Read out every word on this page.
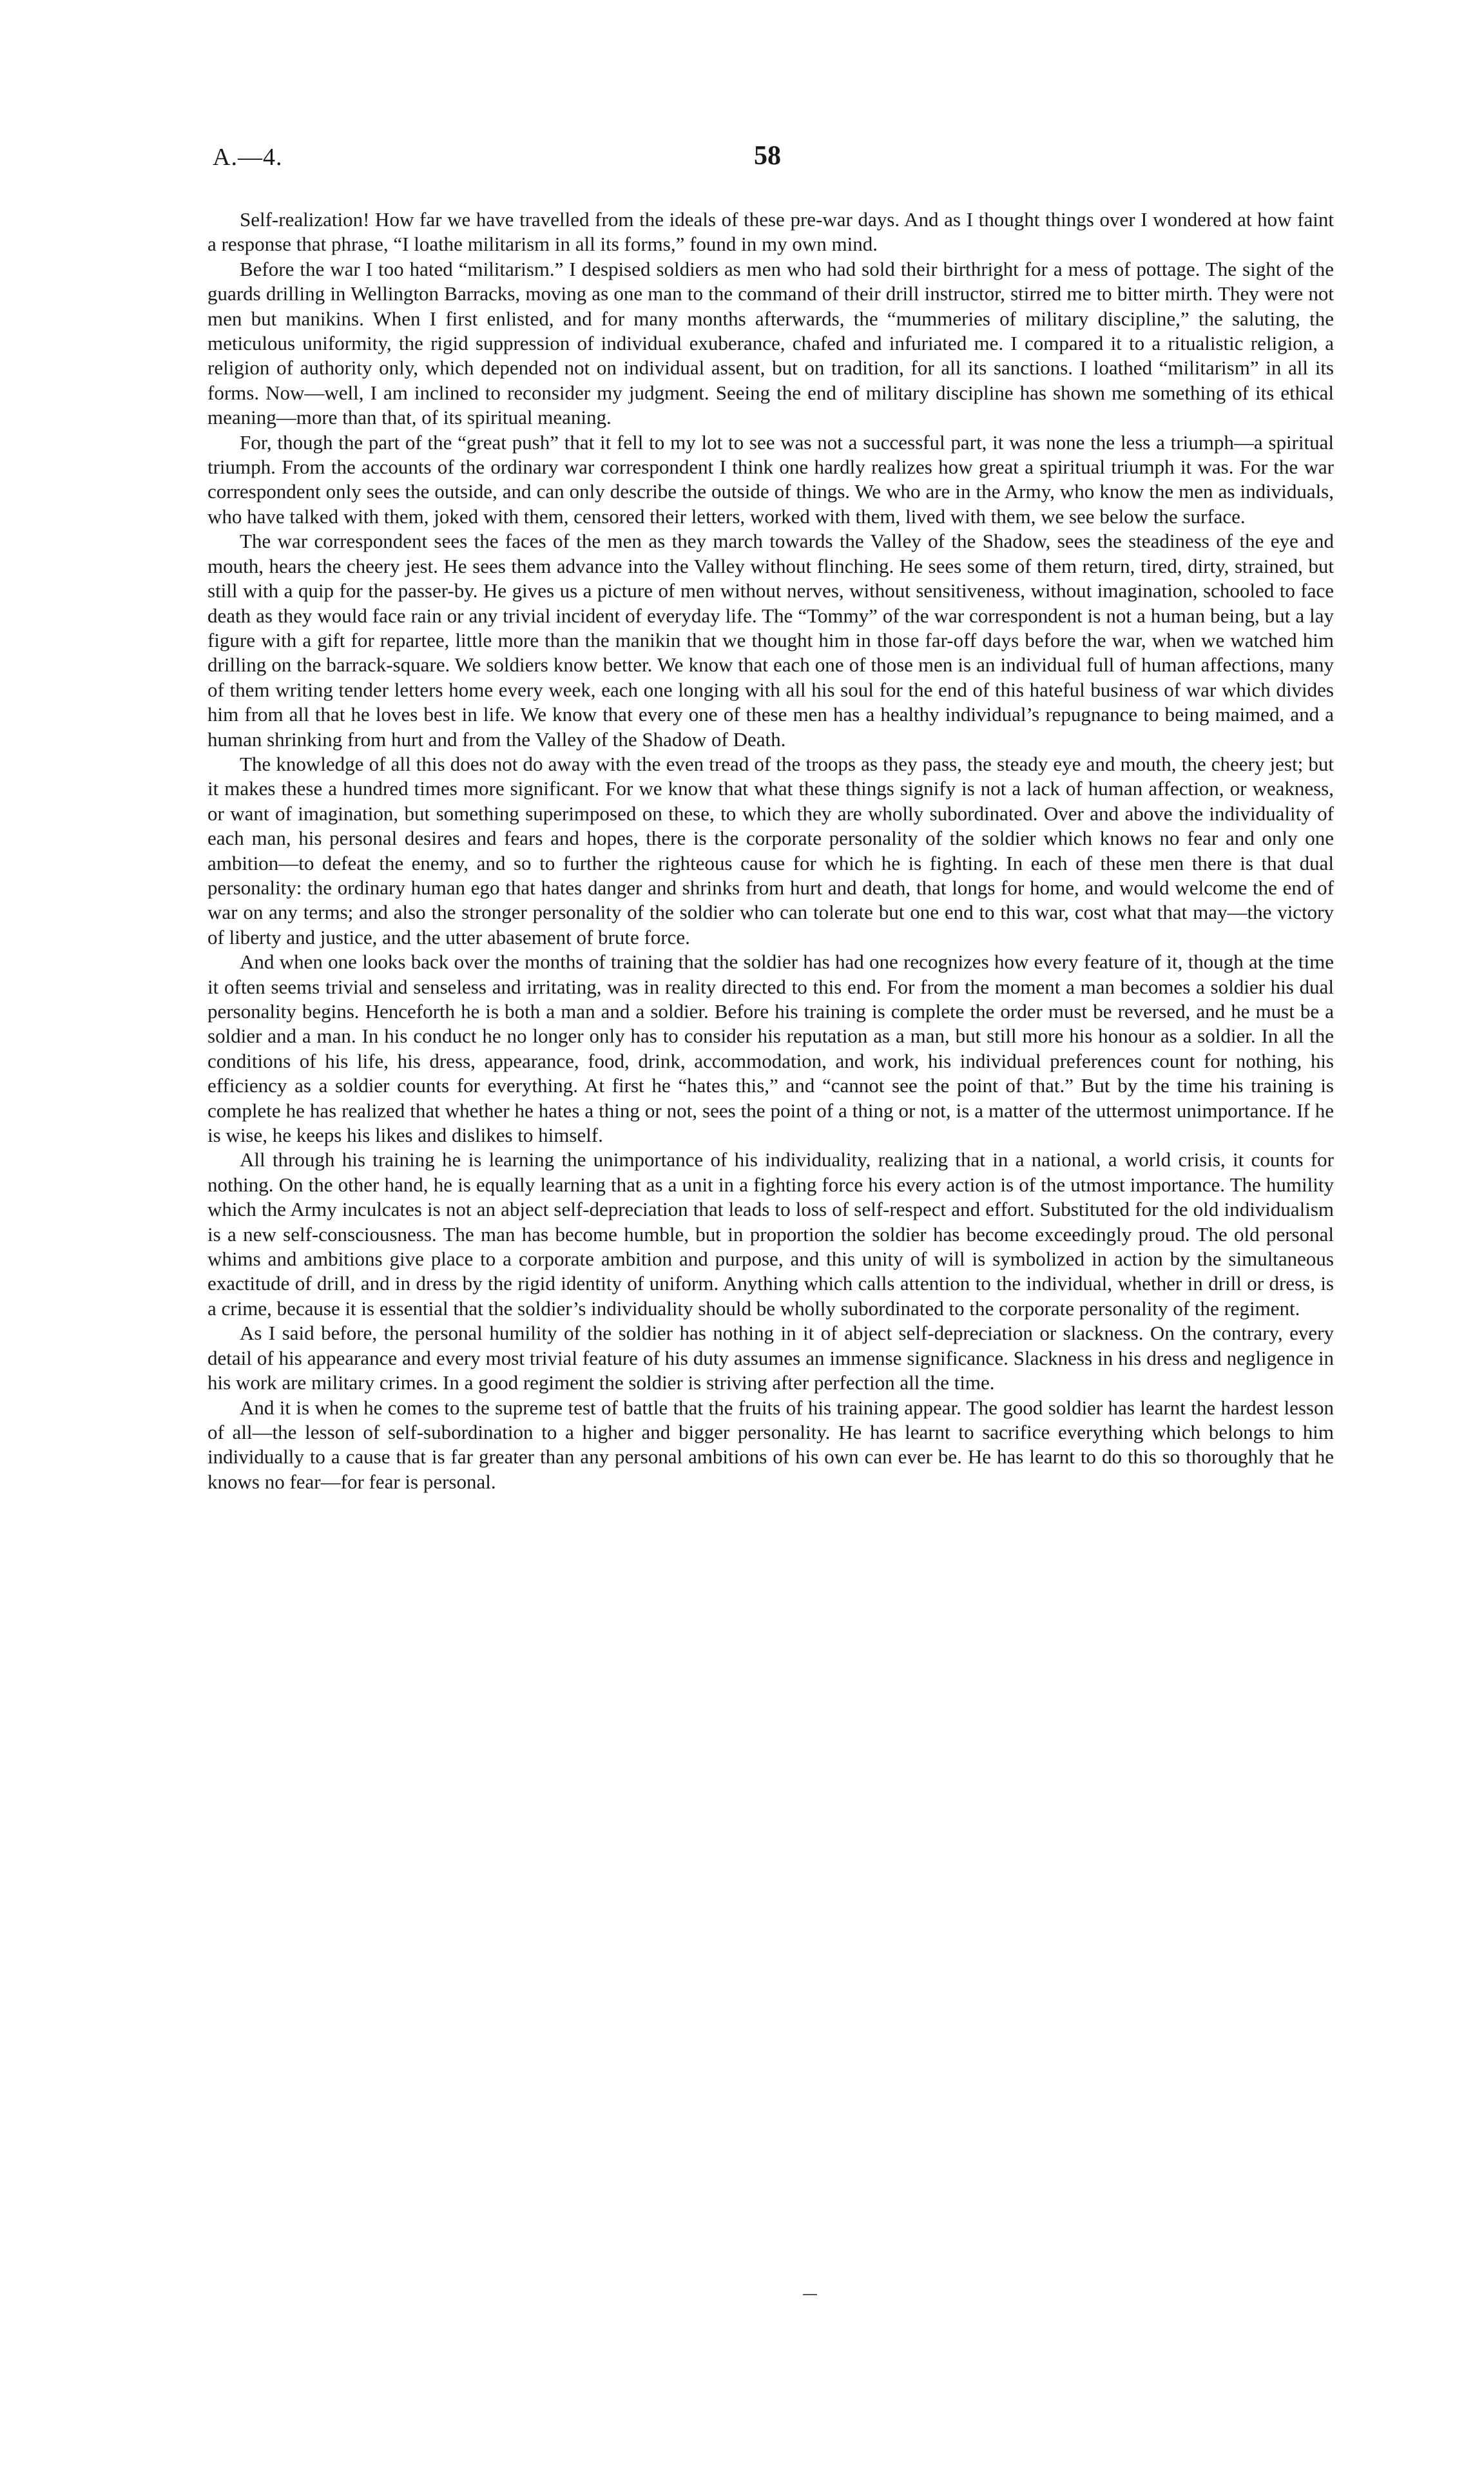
A.—4.	58

Self-realization! How far we have travelled from the ideals of these pre-war days. And as I thought things over I wondered at how faint a response that phrase, “I loathe militarism in all its forms,” found in my own mind.

Before the war I too hated “militarism.” I despised soldiers as men who had sold their birthright for a mess of pottage. The sight of the guards drilling in Wellington Barracks, moving as one man to the command of their drill instructor, stirred me to bitter mirth. They were not men but manikins. When I first enlisted, and for many months afterwards, the “mummeries of military discipline,” the saluting, the meticulous uniformity, the rigid suppression of individual exuberance, chafed and infuriated me. I compared it to a ritualistic religion, a religion of authority only, which depended not on individual assent, but on tradition, for all its sanctions. I loathed “militarism” in all its forms. Now—well, I am inclined to reconsider my judgment. Seeing the end of military discipline has shown me something of its ethical meaning—more than that, of its spiritual meaning.

For, though the part of the “great push” that it fell to my lot to see was not a successful part, it was none the less a triumph—a spiritual triumph. From the accounts of the ordinary war correspondent I think one hardly realizes how great a spiritual triumph it was. For the war correspondent only sees the outside, and can only describe the outside of things. We who are in the Army, who know the men as individuals, who have talked with them, joked with them, censored their letters, worked with them, lived with them, we see below the surface.

The war correspondent sees the faces of the men as they march towards the Valley of the Shadow, sees the steadiness of the eye and mouth, hears the cheery jest. He sees them advance into the Valley without flinching. He sees some of them return, tired, dirty, strained, but still with a quip for the passer-by. He gives us a picture of men without nerves, without sensitiveness, without imagination, schooled to face death as they would face rain or any trivial incident of everyday life. The “Tommy” of the war correspondent is not a human being, but a lay figure with a gift for repartee, little more than the manikin that we thought him in those far-off days before the war, when we watched him drilling on the barrack-square. We soldiers know better. We know that each one of those men is an individual full of human affections, many of them writing tender letters home every week, each one longing with all his soul for the end of this hateful business of war which divides him from all that he loves best in life. We know that every one of these men has a healthy individual’s repugnance to being maimed, and a human shrinking from hurt and from the Valley of the Shadow of Death.

The knowledge of all this does not do away with the even tread of the troops as they pass, the steady eye and mouth, the cheery jest; but it makes these a hundred times more significant. For we know that what these things signify is not a lack of human affection, or weakness, or want of imagination, but something superimposed on these, to which they are wholly subordinated. Over and above the individuality of each man, his personal desires and fears and hopes, there is the corporate personality of the soldier which knows no fear and only one ambition—to defeat the enemy, and so to further the righteous cause for which he is fighting. In each of these men there is that dual personality: the ordinary human ego that hates danger and shrinks from hurt and death, that longs for home, and would welcome the end of war on any terms; and also the stronger personality of the soldier who can tolerate but one end to this war, cost what that may—the victory of liberty and justice, and the utter abasement of brute force.

And when one looks back over the months of training that the soldier has had one recognizes how every feature of it, though at the time it often seems trivial and senseless and irritating, was in reality directed to this end. For from the moment a man becomes a soldier his dual personality begins. Henceforth he is both a man and a soldier. Before his training is complete the order must be reversed, and he must be a soldier and a man. In his conduct he no longer only has to consider his reputation as a man, but still more his honour as a soldier. In all the conditions of his life, his dress, appearance, food, drink, accommodation, and work, his individual preferences count for nothing, his efficiency as a soldier counts for everything. At first he “hates this,” and “cannot see the point of that.” But by the time his training is complete he has realized that whether he hates a thing or not, sees the point of a thing or not, is a matter of the uttermost unimportance. If he is wise, he keeps his likes and dislikes to himself.

All through his training he is learning the unimportance of his individuality, realizing that in a national, a world crisis, it counts for nothing. On the other hand, he is equally learning that as a unit in a fighting force his every action is of the utmost importance. The humility which the Army inculcates is not an abject self-depreciation that leads to loss of self-respect and effort. Substituted for the old individualism is a new self-consciousness. The man has become humble, but in proportion the soldier has become exceedingly proud. The old personal whims and ambitions give place to a corporate ambition and purpose, and this unity of will is symbolized in action by the simultaneous exactitude of drill, and in dress by the rigid identity of uniform. Anything which calls attention to the individual, whether in drill or dress, is a crime, because it is essential that the soldier’s individuality should be wholly subordinated to the corporate personality of the regiment.

As I said before, the personal humility of the soldier has nothing in it of abject self-depreciation or slackness. On the contrary, every detail of his appearance and every most trivial feature of his duty assumes an immense significance. Slackness in his dress and negligence in his work are military crimes. In a good regiment the soldier is striving after perfection all the time.

And it is when he comes to the supreme test of battle that the fruits of his training appear. The good soldier has learnt the hardest lesson of all—the lesson of self-subordination to a higher and bigger personality. He has learnt to sacrifice everything which belongs to him individually to a cause that is far greater than any personal ambitions of his own can ever be. He has learnt to do this so thoroughly that he knows no fear—for fear is personal.
